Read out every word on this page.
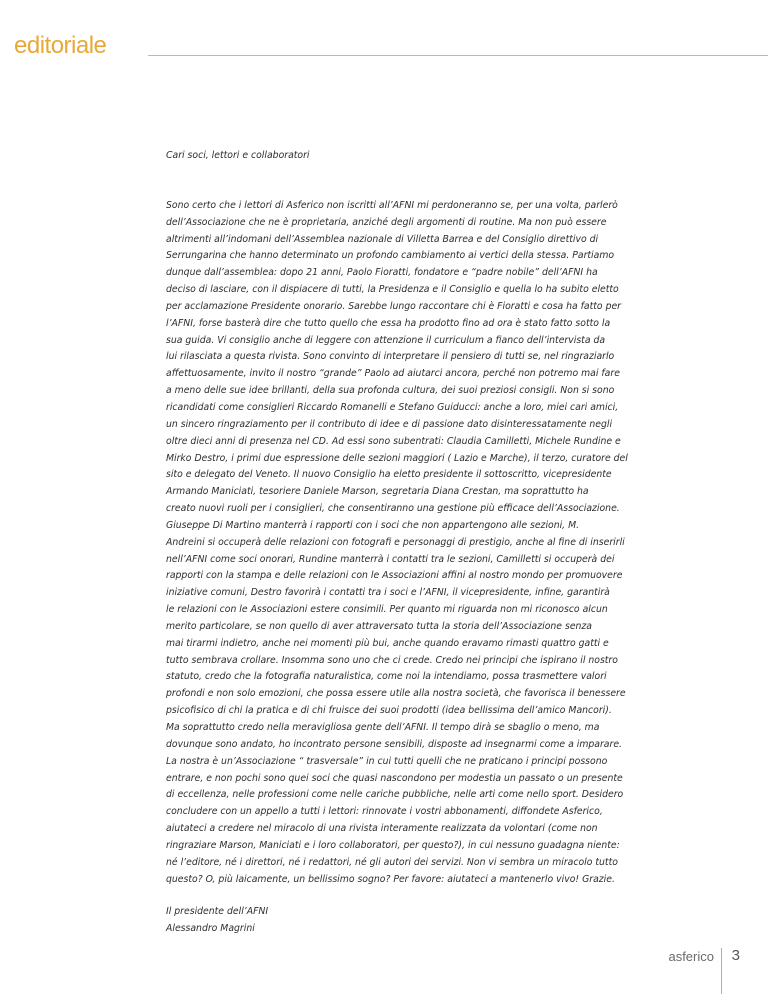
editoriale

Cari soci, lettori e collaboratori

Sono certo che i lettori di Asferico non iscritti all’AFNI mi perdoneranno se, per una volta, parlerò
dell’Associazione che ne è proprietaria, anziché degli argomenti di routine. Ma non può essere
altrimenti all’indomani dell’Assemblea nazionale di Villetta Barrea e del Consiglio direttivo di
Serrungarina che hanno determinato un profondo cambiamento ai vertici della stessa. Partiamo
dunque dall’assemblea: dopo 21 anni, Paolo Fioratti, fondatore e “padre nobile” dell’AFNI ha
deciso di lasciare, con il dispiacere di tutti, la Presidenza e il Consiglio e quella lo ha subito eletto
per acclamazione Presidente onorario. Sarebbe lungo raccontare chi è Fioratti e cosa ha fatto per
l’AFNI, forse basterà dire che tutto quello che essa ha prodotto fino ad ora è stato fatto sotto la
sua guida. Vi consiglio anche di leggere con attenzione il curriculum a fianco dell’intervista da
lui rilasciata a questa rivista. Sono convinto di interpretare il pensiero di tutti se, nel ringraziarlo
affettuosamente, invito il nostro “grande” Paolo ad aiutarci ancora, perché non potremo mai fare
a meno delle sue idee brillanti, della sua profonda cultura, dei suoi preziosi consigli. Non si sono
ricandidati come consiglieri Riccardo Romanelli e Stefano Guiducci: anche a loro, miei cari amici,
un sincero ringraziamento per il contributo di idee e di passione dato disinteressatamente negli
oltre dieci anni di presenza nel CD. Ad essi sono subentrati: Claudia Camilletti, Michele Rundine e
Mirko Destro, i primi due espressione delle sezioni maggiori ( Lazio e Marche), il terzo, curatore del
sito e delegato del Veneto. Il nuovo Consiglio ha eletto presidente il sottoscritto, vicepresidente
Armando Maniciati, tesoriere Daniele Marson, segretaria Diana Crestan, ma soprattutto ha
creato nuovi ruoli per i consiglieri, che consentiranno una gestione più efficace dell’Associazione.
Giuseppe Di Martino manterrà i rapporti con i soci che non appartengono alle sezioni, M.
Andreini si occuperà delle relazioni con fotografi e personaggi di prestigio, anche al fine di inserirli
nell’AFNI come soci onorari, Rundine manterrà i contatti tra le sezioni, Camilletti si occuperà dei
rapporti con la stampa e delle relazioni con le Associazioni affini al nostro mondo per promuovere
iniziative comuni, Destro favorirà i contatti tra i soci e l’AFNI, il vicepresidente, infine, garantirà
le relazioni con le Associazioni estere consimili. Per quanto mi riguarda non mi riconosco alcun
merito particolare, se non quello di aver attraversato tutta la storia dell’Associazione senza
mai tirarmi indietro, anche nei momenti più bui, anche quando eravamo rimasti quattro gatti e
tutto sembrava crollare. Insomma sono uno che ci crede. Credo nei principi che ispirano il nostro
statuto, credo che la fotografia naturalistica, come noi la intendiamo, possa trasmettere valori
profondi e non solo emozioni, che possa essere utile alla nostra società, che favorisca il benessere
psicofisico di chi la pratica e di chi fruisce dei suoi prodotti (idea bellissima dell’amico Mancori).
Ma soprattutto credo nella meravigliosa gente dell’AFNI. Il tempo dirà se sbaglio o meno, ma
dovunque sono andato, ho incontrato persone sensibili, disposte ad insegnarmi come a imparare.
La nostra è un’Associazione “ trasversale” in cui tutti quelli che ne praticano i principi possono
entrare, e non pochi sono quei soci che quasi nascondono per modestia un passato o un presente
di eccellenza, nelle professioni come nelle cariche pubbliche, nelle arti come nello sport. Desidero
concludere con un appello a tutti i lettori: rinnovate i vostri abbonamenti, diffondete Asferico,
aiutateci a credere nel miracolo di una rivista interamente realizzata da volontari (come non
ringraziare Marson, Maniciati e i loro collaboratori, per questo?), in cui nessuno guadagna niente:
né l’editore, né i direttori, né i redattori, né gli autori dei servizi. Non vi sembra un miracolo tutto
questo? O, più laicamente, un bellissimo sogno? Per favore: aiutateci a mantenerlo vivo! Grazie.

Il presidente dell’AFNI
Alessandro Magrini

asferico 3
